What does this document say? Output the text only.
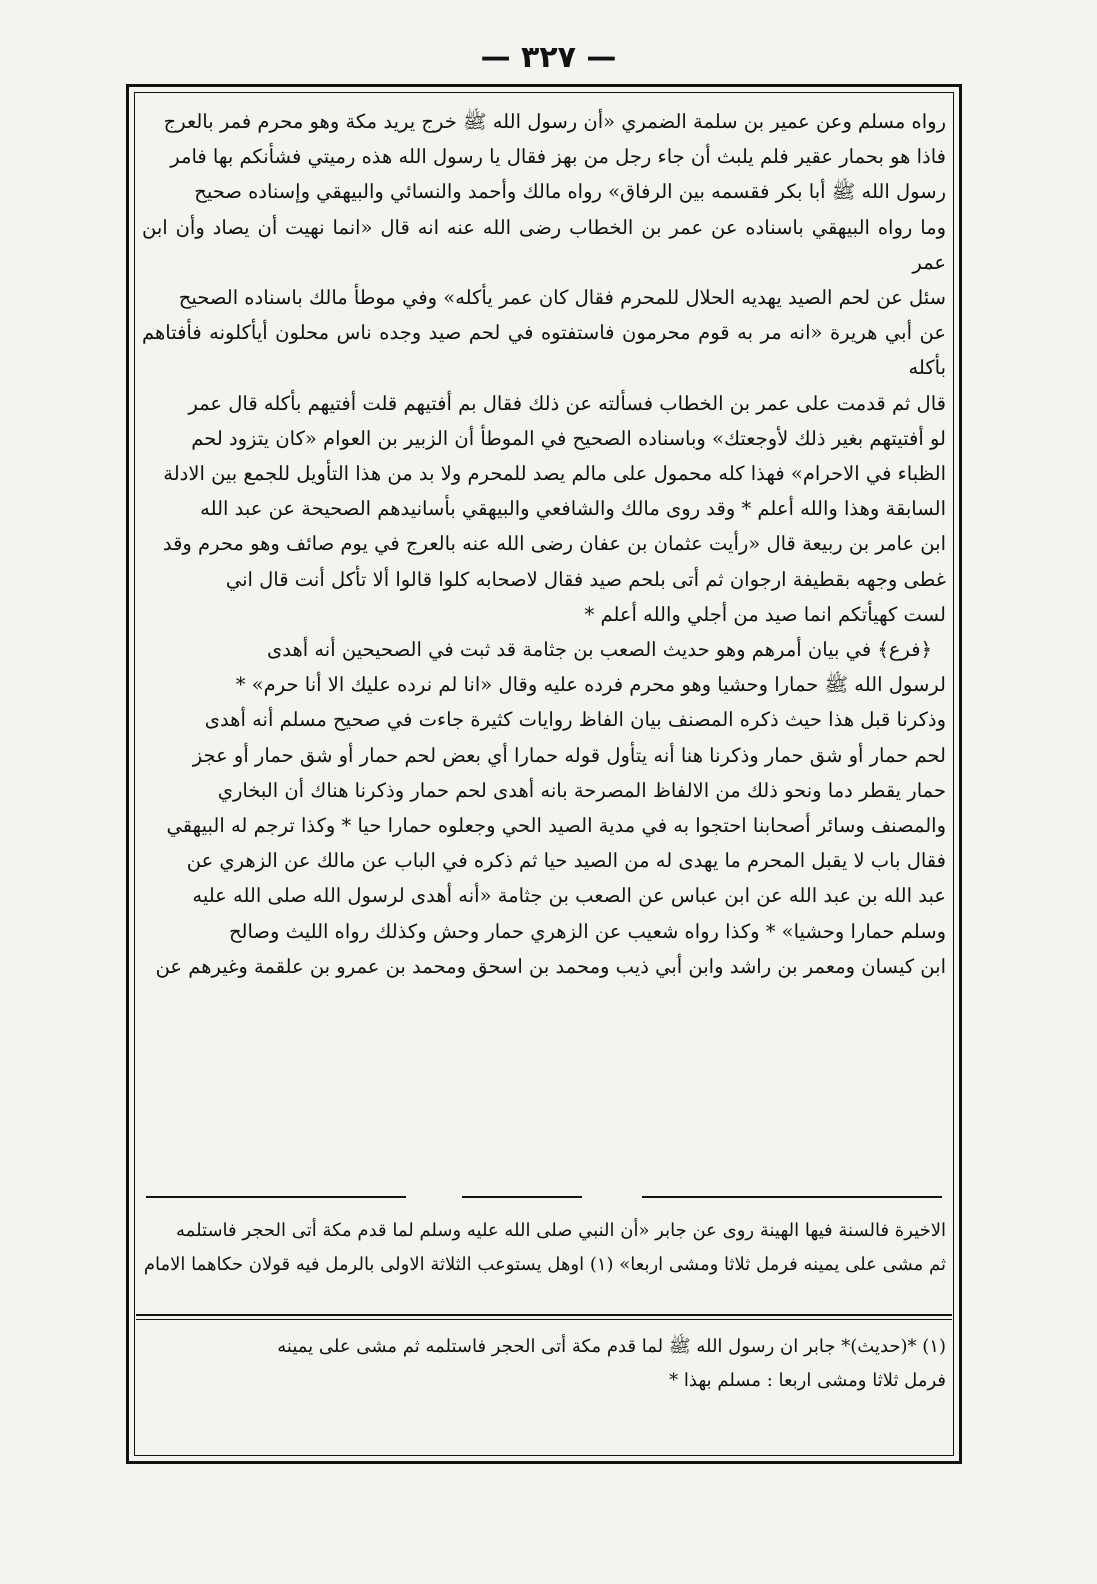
— ٣٢٧ —

رواه مسلم وعن عمير بن سلمة الضمري «أن رسول الله ﷺ خرج يريد مكة وهو محرم فمر بالعرج

فاذا هو بحمار عقير فلم يلبث أن جاء رجل من بهز فقال يا رسول الله هذه رميتي فشأنكم بها فامر

رسول الله ﷺ أبا بكر فقسمه بين الرفاق» رواه مالك وأحمد والنسائي والبيهقي وإسناده صحيح

وما رواه البيهقي باسناده عن عمر بن الخطاب رضى الله عنه انه قال «انما نهيت أن يصاد وأن ابن عمر

سئل عن لحم الصيد يهديه الحلال للمحرم فقال كان عمر يأكله» وفي موطأ مالك باسناده الصحيح

عن أبي هريرة «انه مر به قوم محرمون فاستفتوه في لحم صيد وجده ناس محلون أيأكلونه فأفتاهم بأكله

قال ثم قدمت على عمر بن الخطاب فسألته عن ذلك فقال بم أفتيهم قلت أفتيهم بأكله قال عمر

لو أفتيتهم بغير ذلك لأوجعتك» وباسناده الصحيح في الموطأ أن الزبير بن العوام «كان يتزود لحم

الظباء في الاحرام» فهذا كله محمول على مالم يصد للمحرم ولا بد من هذا التأويل للجمع بين الادلة

السابقة وهذا والله أعلم * وقد روى مالك والشافعي والبيهقي بأسانيدهم الصحيحة عن عبد الله

ابن عامر بن ربيعة قال «رأيت عثمان بن عفان رضى الله عنه بالعرج في يوم صائف وهو محرم وقد

غطى وجهه بقطيفة ارجوان ثم أتى بلحم صيد فقال لاصحابه كلوا قالوا ألا تأكل أنت قال اني

لست كهيأتكم انما صيد من أجلي والله أعلم *

﴿فرع﴾ في بيان أمرهم وهو حديث الصعب بن جثامة قد ثبت في الصحيحين أنه أهدى

لرسول الله ﷺ حمارا وحشيا وهو محرم فرده عليه وقال «انا لم نرده عليك الا أنا حرم» *

وذكرنا قبل هذا حيث ذكره المصنف بيان الفاظ روايات كثيرة جاءت في صحيح مسلم أنه أهدى

لحم حمار أو شق حمار وذكرنا هنا أنه يتأول قوله حمارا أي بعض لحم حمار أو شق حمار أو عجز

حمار يقطر دما ونحو ذلك من الالفاظ المصرحة بانه أهدى لحم حمار وذكرنا هناك أن البخاري

والمصنف وسائر أصحابنا احتجوا به في مدية الصيد الحي وجعلوه حمارا حيا * وكذا ترجم له البيهقي

فقال باب لا يقبل المحرم ما يهدى له من الصيد حيا ثم ذكره في الباب عن مالك عن الزهري عن

عبد الله بن عبد الله عن ابن عباس عن الصعب بن جثامة «أنه أهدى لرسول الله صلى الله عليه

وسلم حمارا وحشيا» * وكذا رواه شعيب عن الزهري حمار وحش وكذلك رواه الليث وصالح

ابن كيسان ومعمر بن راشد وابن أبي ذيب ومحمد بن اسحق ومحمد بن عمرو بن علقمة وغيرهم عن

الاخيرة فالسنة فيها الهينة روى عن جابر «أن النبي صلى الله عليه وسلم لما قدم مكة أتى الحجر فاستلمه

ثم مشى على يمينه فرمل ثلاثا ومشى اربعا» (١) اوهل يستوعب الثلاثة الاولى بالرمل فيه قولان حكاهما الامام

(١) *(حديث)* جابر ان رسول الله ﷺ لما قدم مكة أتى الحجر فاستلمه ثم مشى على يمينه

فرمل ثلاثا ومشى اربعا : مسلم بهذا *
